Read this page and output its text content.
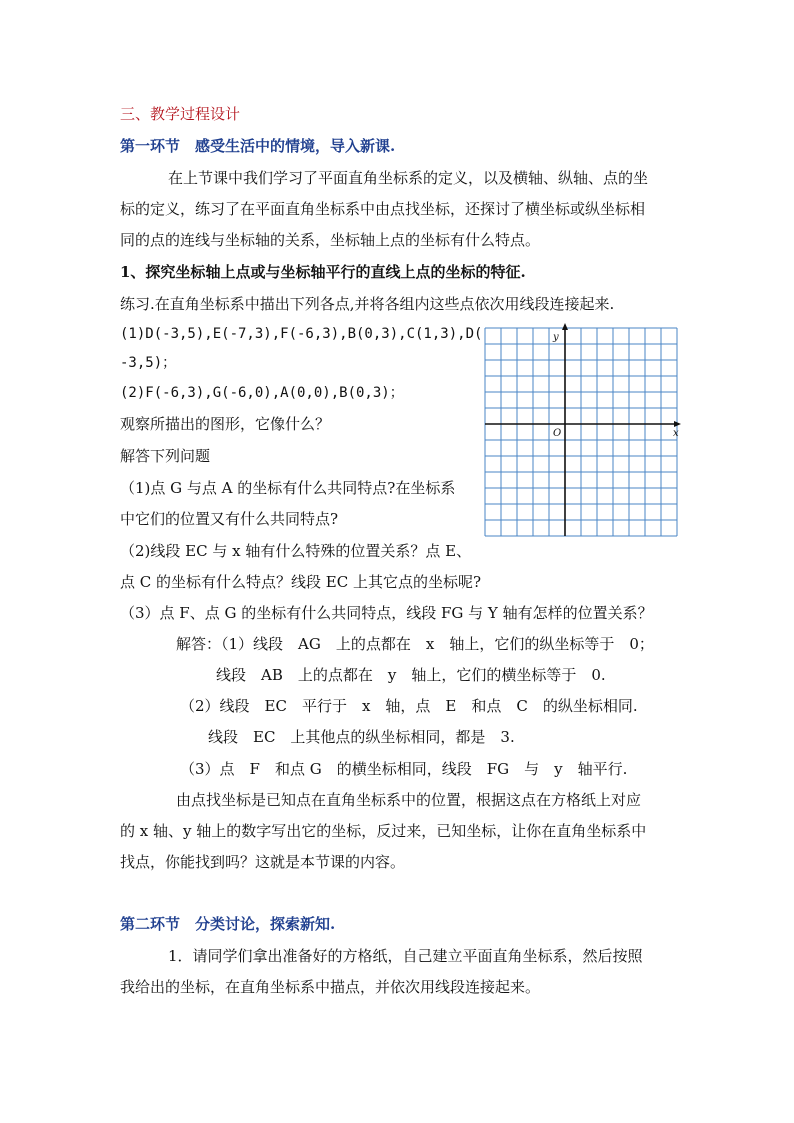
三、教学过程设计
第一环节　感受生活中的情境，导入新课.
在上节课中我们学习了平面直角坐标系的定义，以及横轴、纵轴、点的坐
标的定义，练习了在平面直角坐标系中由点找坐标，还探讨了横坐标或纵坐标相
同的点的连线与坐标轴的关系，坐标轴上点的坐标有什么特点。
1、探究坐标轴上点或与坐标轴平行的直线上点的坐标的特征.
练习.在直角坐标系中描出下列各点,并将各组内这些点依次用线段连接起来.
(1)D(-3,5),E(-7,3),F(-6,3),B(0,3),C(1,3),D(
-3,5)；
(2)F(-6,3),G(-6,0),A(0,0),B(0,3)；
观察所描出的图形，它像什么？
解答下列问题
（1)点 G 与点 A 的坐标有什么共同特点?在坐标系
中它们的位置又有什么共同特点?
（2)线段 EC 与 x 轴有什么特殊的位置关系？点 E、
点 C 的坐标有什么特点？线段 EC 上其它点的坐标呢?
（3）点 F、点 G 的坐标有什么共同特点，线段 FG 与 Y 轴有怎样的位置关系？
解答：（1）线段　AG　上的点都在　x　轴上，它们的纵坐标等于　0；
线段　AB　上的点都在　y　轴上，它们的横坐标等于　0.
（2）线段　EC　平行于　x　轴，点　E　和点　C　的纵坐标相同.
线段　EC　上其他点的纵坐标相同，都是　3.
（3）点　F　和点 G　的横坐标相同，线段　FG　与　y　轴平行.
由点找坐标是已知点在直角坐标系中的位置，根据这点在方格纸上对应
的 x 轴、y 轴上的数字写出它的坐标，反过来，已知坐标，让你在直角坐标系中
找点，你能找到吗？这就是本节课的内容。
第二环节　分类讨论，探索新知.
1．请同学们拿出准备好的方格纸，自己建立平面直角坐标系，然后按照
我给出的坐标，在直角坐标系中描点，并依次用线段连接起来。
O	x
y
